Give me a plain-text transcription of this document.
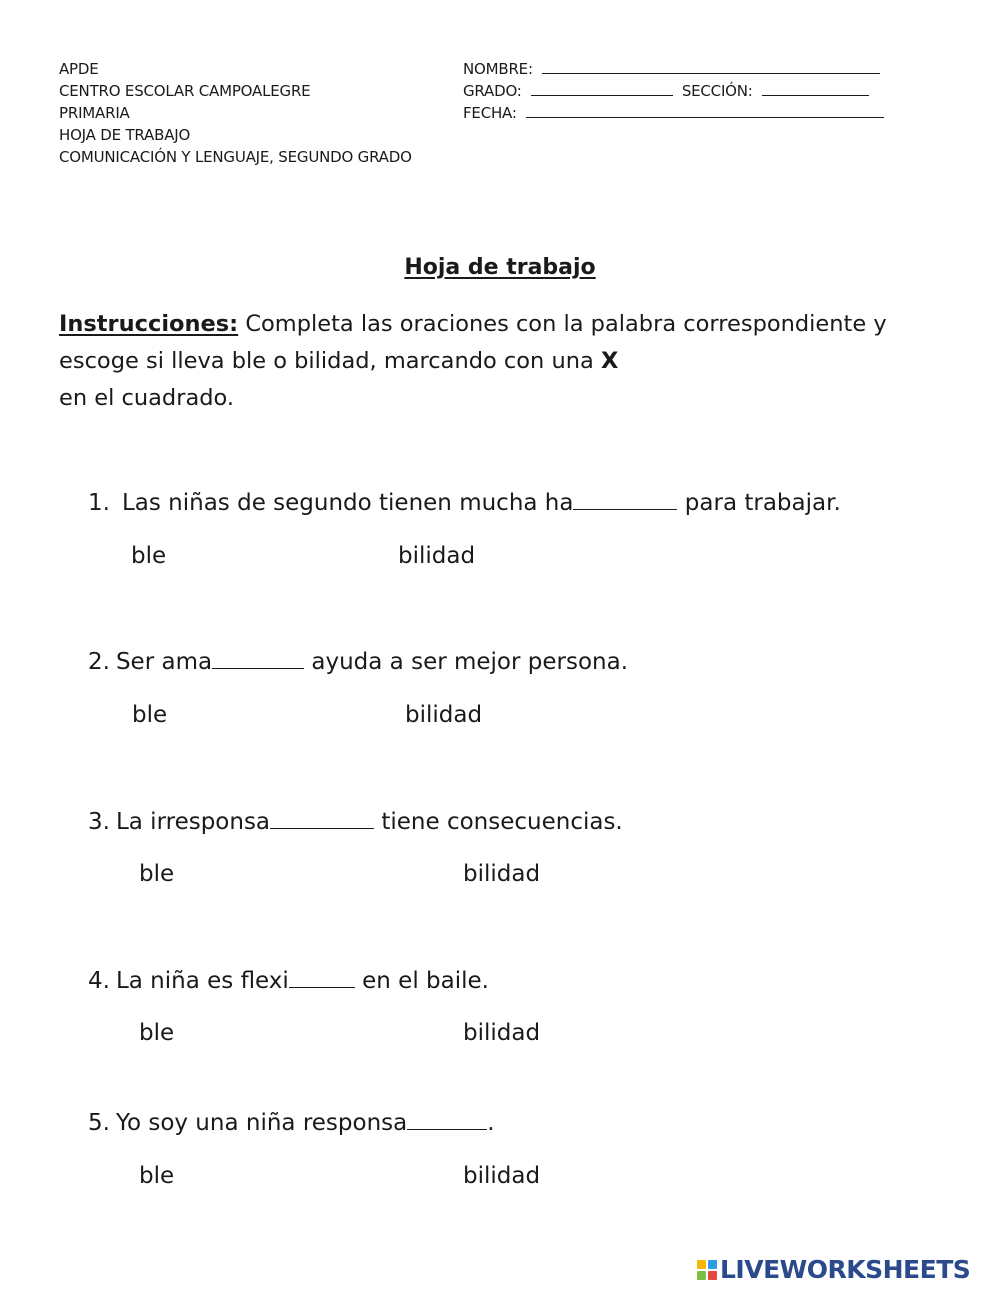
APDE
CENTRO ESCOLAR CAMPOALEGRE
PRIMARIA
HOJA DE TRABAJO
COMUNICACIÓN Y LENGUAJE, SEGUNDO GRADO
NOMBRE:
GRADO:	SECCIÓN:
FECHA:
Hoja de trabajo
Instrucciones: Completa las oraciones con la palabra correspondiente y escoge si lleva ble o bilidad, marcando con una X
en el cuadrado.
1. Las niñas de segundo tienen mucha ha	para trabajar.
ble	bilidad
2. Ser ama	ayuda a ser mejor persona.
ble	bilidad
3. La irresponsa	tiene consecuencias.
ble	bilidad
4. La niña es flexi	en el baile.
ble	bilidad
5. Yo soy una niña responsa	.
ble	bilidad
LIVEWORKSHEETS
